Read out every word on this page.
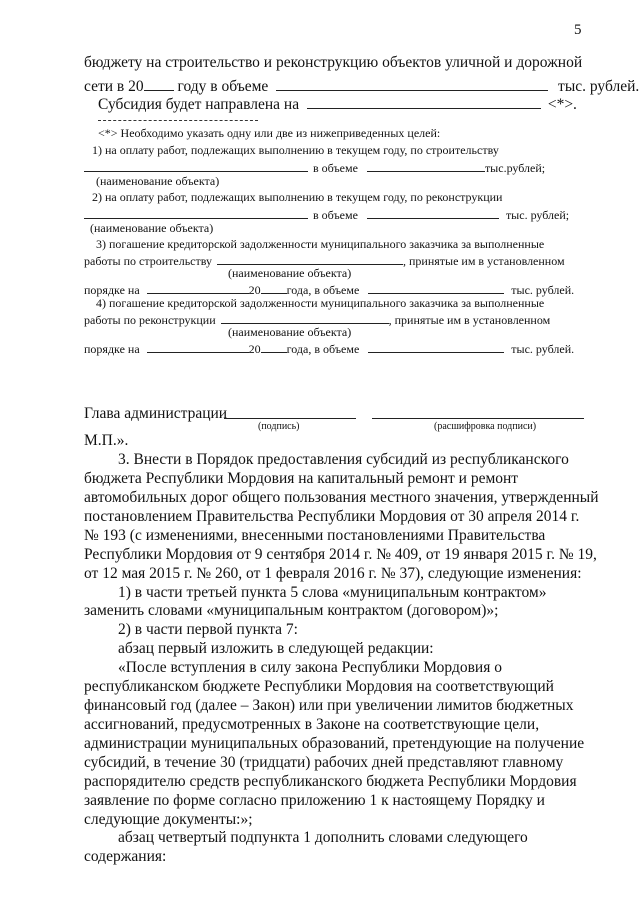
5
бюджету на строительство и реконструкцию объектов уличной и дорожной
сети в 20 году в объеме	тыс. рублей.
Субсидия будет направлена на	<*>.
<*> Необходимо указать одну или две из нижеприведенных целей:
1) на оплату работ, подлежащих выполнению в текущем году, по строительству
в объеме	тыс.рублей;
(наименование объекта)
2) на оплату работ, подлежащих выполнению в текущем году, по реконструкции
в объеме	тыс. рублей;
(наименование объекта)
3) погашение кредиторской задолженности муниципального заказчика за выполненные
работы по строительству	, принятые им в установленном
(наименование объекта)
порядке на	20 года, в объеме	тыс. рублей.
4) погашение кредиторской задолженности муниципального заказчика за выполненные
работы по реконструкции	, принятые им в установленном
(наименование объекта)
порядке на	20 года, в объеме	тыс. рублей.
Глава администрации
(подпись)	(расшифровка подписи)
М.П.».
3. Внести в Порядок предоставления субсидий из республиканского
бюджета Республики Мордовия на капитальный ремонт и ремонт
автомобильных дорог общего пользования местного значения, утвержденный
постановлением Правительства Республики Мордовия от 30 апреля 2014 г.
№ 193 (с изменениями, внесенными постановлениями Правительства
Республики Мордовия от 9 сентября 2014 г. № 409, от 19 января 2015 г. № 19,
от 12 мая 2015 г. № 260, от 1 февраля 2016 г. № 37), следующие изменения:
1) в части третьей пункта 5 слова «муниципальным контрактом»
заменить словами «муниципальным контрактом (договором)»;
2) в части первой пункта 7:
абзац первый изложить в следующей редакции:
«После вступления в силу закона Республики Мордовия о
республиканском бюджете Республики Мордовия на соответствующий
финансовый год (далее – Закон) или при увеличении лимитов бюджетных
ассигнований, предусмотренных в Законе на соответствующие цели,
администрации муниципальных образований, претендующие на получение
субсидий, в течение 30 (тридцати) рабочих дней представляют главному
распорядителю средств республиканского бюджета Республики Мордовия
заявление по форме согласно приложению 1 к настоящему Порядку и
следующие документы:»;
абзац четвертый подпункта 1 дополнить словами следующего
содержания:
